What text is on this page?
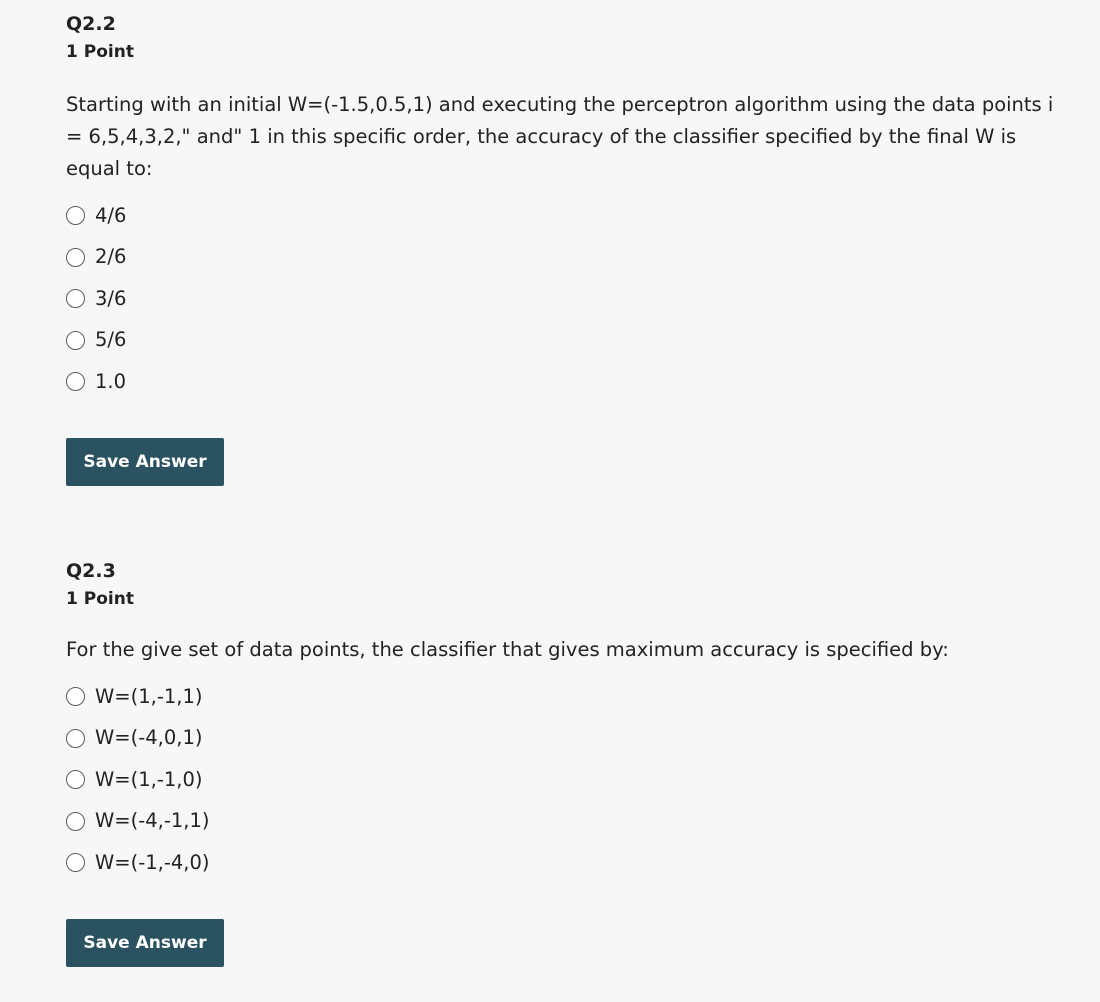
Q2.2
1 Point
Starting with an initial W=(-1.5,0.5,1) and executing the perceptron algorithm using the data points i = 6,5,4,3,2," and" 1 in this specific order, the accuracy of the classifier specified by the final W is equal to:
4/6
2/6
3/6
5/6
1.0
Save Answer
Q2.3
1 Point
For the give set of data points, the classifier that gives maximum accuracy is specified by:
W=(1,-1,1)
W=(-4,0,1)
W=(1,-1,0)
W=(-4,-1,1)
W=(-1,-4,0)
Save Answer
